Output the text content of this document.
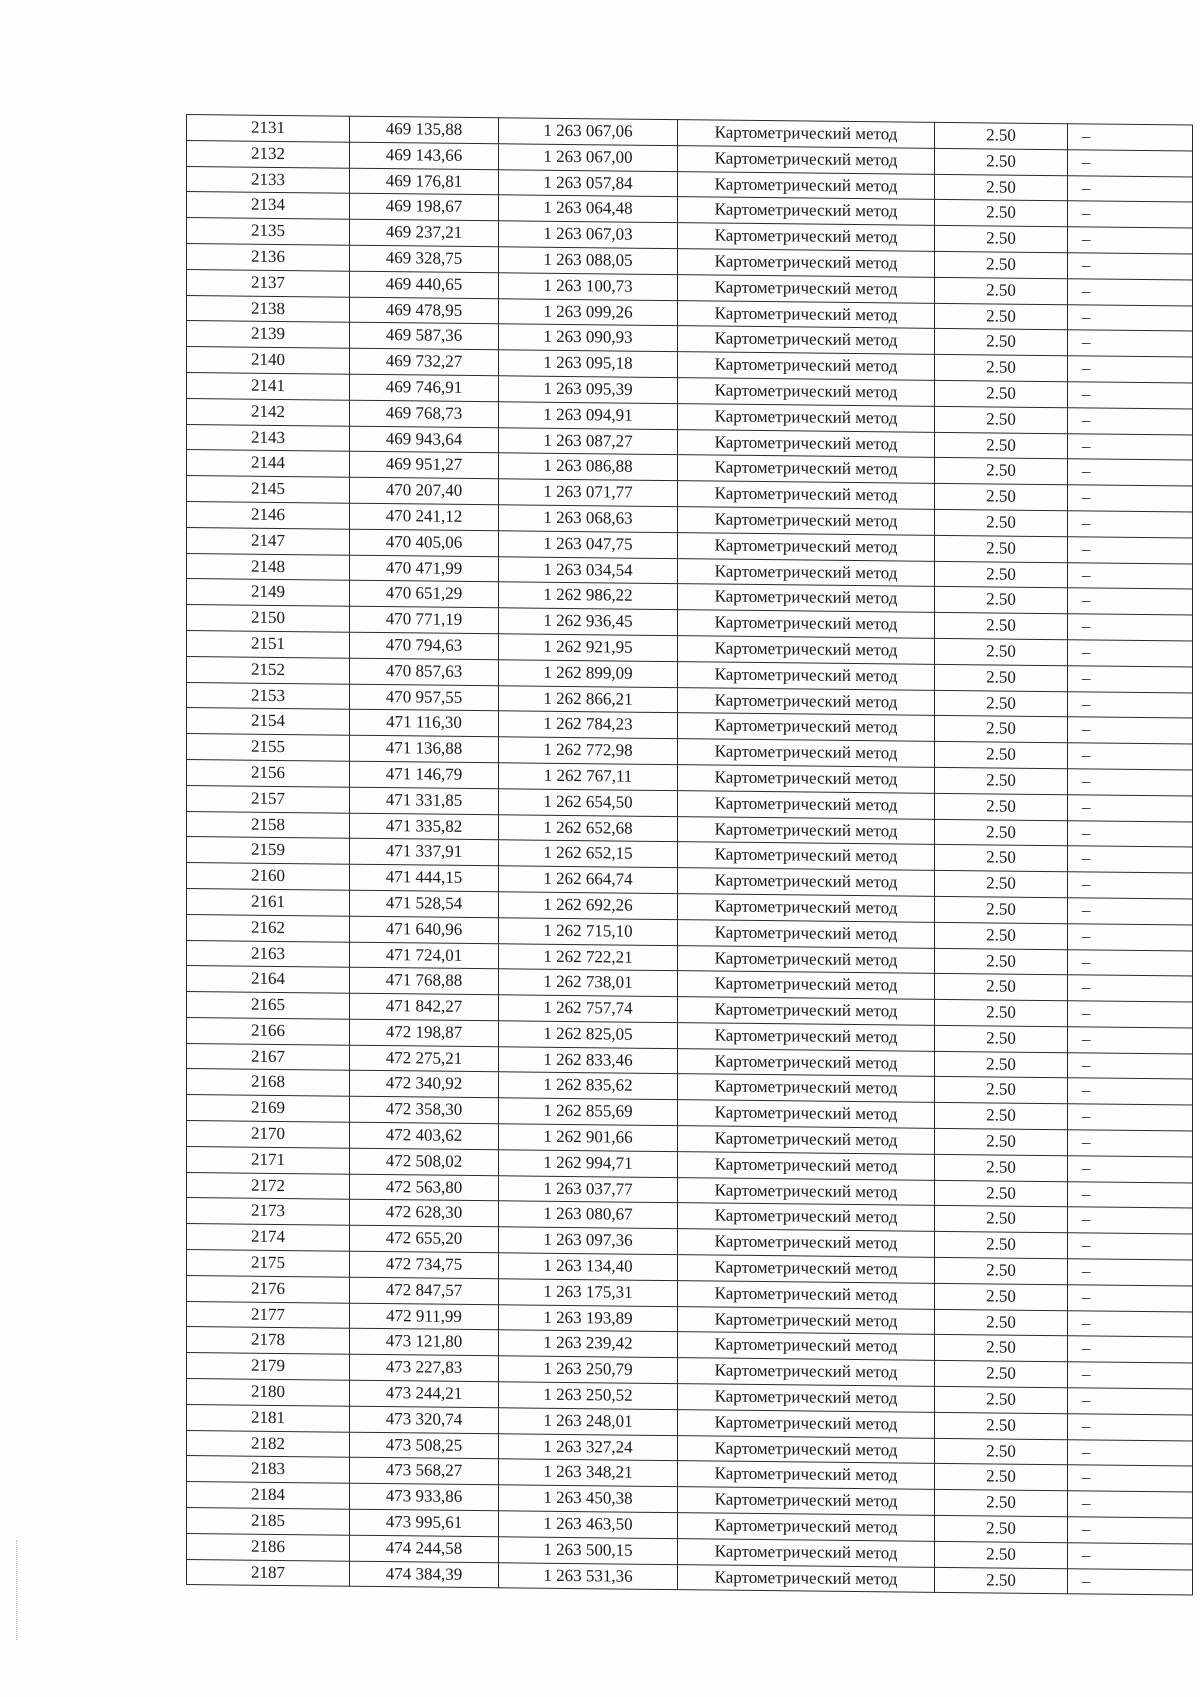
2131	469 135,88	1 263 067,06	Картометрический метод	2.50	–
2132	469 143,66	1 263 067,00	Картометрический метод	2.50	–
2133	469 176,81	1 263 057,84	Картометрический метод	2.50	–
2134	469 198,67	1 263 064,48	Картометрический метод	2.50	–
2135	469 237,21	1 263 067,03	Картометрический метод	2.50	–
2136	469 328,75	1 263 088,05	Картометрический метод	2.50	–
2137	469 440,65	1 263 100,73	Картометрический метод	2.50	–
2138	469 478,95	1 263 099,26	Картометрический метод	2.50	–
2139	469 587,36	1 263 090,93	Картометрический метод	2.50	–
2140	469 732,27	1 263 095,18	Картометрический метод	2.50	–
2141	469 746,91	1 263 095,39	Картометрический метод	2.50	–
2142	469 768,73	1 263 094,91	Картометрический метод	2.50	–
2143	469 943,64	1 263 087,27	Картометрический метод	2.50	–
2144	469 951,27	1 263 086,88	Картометрический метод	2.50	–
2145	470 207,40	1 263 071,77	Картометрический метод	2.50	–
2146	470 241,12	1 263 068,63	Картометрический метод	2.50	–
2147	470 405,06	1 263 047,75	Картометрический метод	2.50	–
2148	470 471,99	1 263 034,54	Картометрический метод	2.50	–
2149	470 651,29	1 262 986,22	Картометрический метод	2.50	–
2150	470 771,19	1 262 936,45	Картометрический метод	2.50	–
2151	470 794,63	1 262 921,95	Картометрический метод	2.50	–
2152	470 857,63	1 262 899,09	Картометрический метод	2.50	–
2153	470 957,55	1 262 866,21	Картометрический метод	2.50	–
2154	471 116,30	1 262 784,23	Картометрический метод	2.50	–
2155	471 136,88	1 262 772,98	Картометрический метод	2.50	–
2156	471 146,79	1 262 767,11	Картометрический метод	2.50	–
2157	471 331,85	1 262 654,50	Картометрический метод	2.50	–
2158	471 335,82	1 262 652,68	Картометрический метод	2.50	–
2159	471 337,91	1 262 652,15	Картометрический метод	2.50	–
2160	471 444,15	1 262 664,74	Картометрический метод	2.50	–
2161	471 528,54	1 262 692,26	Картометрический метод	2.50	–
2162	471 640,96	1 262 715,10	Картометрический метод	2.50	–
2163	471 724,01	1 262 722,21	Картометрический метод	2.50	–
2164	471 768,88	1 262 738,01	Картометрический метод	2.50	–
2165	471 842,27	1 262 757,74	Картометрический метод	2.50	–
2166	472 198,87	1 262 825,05	Картометрический метод	2.50	–
2167	472 275,21	1 262 833,46	Картометрический метод	2.50	–
2168	472 340,92	1 262 835,62	Картометрический метод	2.50	–
2169	472 358,30	1 262 855,69	Картометрический метод	2.50	–
2170	472 403,62	1 262 901,66	Картометрический метод	2.50	–
2171	472 508,02	1 262 994,71	Картометрический метод	2.50	–
2172	472 563,80	1 263 037,77	Картометрический метод	2.50	–
2173	472 628,30	1 263 080,67	Картометрический метод	2.50	–
2174	472 655,20	1 263 097,36	Картометрический метод	2.50	–
2175	472 734,75	1 263 134,40	Картометрический метод	2.50	–
2176	472 847,57	1 263 175,31	Картометрический метод	2.50	–
2177	472 911,99	1 263 193,89	Картометрический метод	2.50	–
2178	473 121,80	1 263 239,42	Картометрический метод	2.50	–
2179	473 227,83	1 263 250,79	Картометрический метод	2.50	–
2180	473 244,21	1 263 250,52	Картометрический метод	2.50	–
2181	473 320,74	1 263 248,01	Картометрический метод	2.50	–
2182	473 508,25	1 263 327,24	Картометрический метод	2.50	–
2183	473 568,27	1 263 348,21	Картометрический метод	2.50	–
2184	473 933,86	1 263 450,38	Картометрический метод	2.50	–
2185	473 995,61	1 263 463,50	Картометрический метод	2.50	–
2186	474 244,58	1 263 500,15	Картометрический метод	2.50	–
2187	474 384,39	1 263 531,36	Картометрический метод	2.50	–
